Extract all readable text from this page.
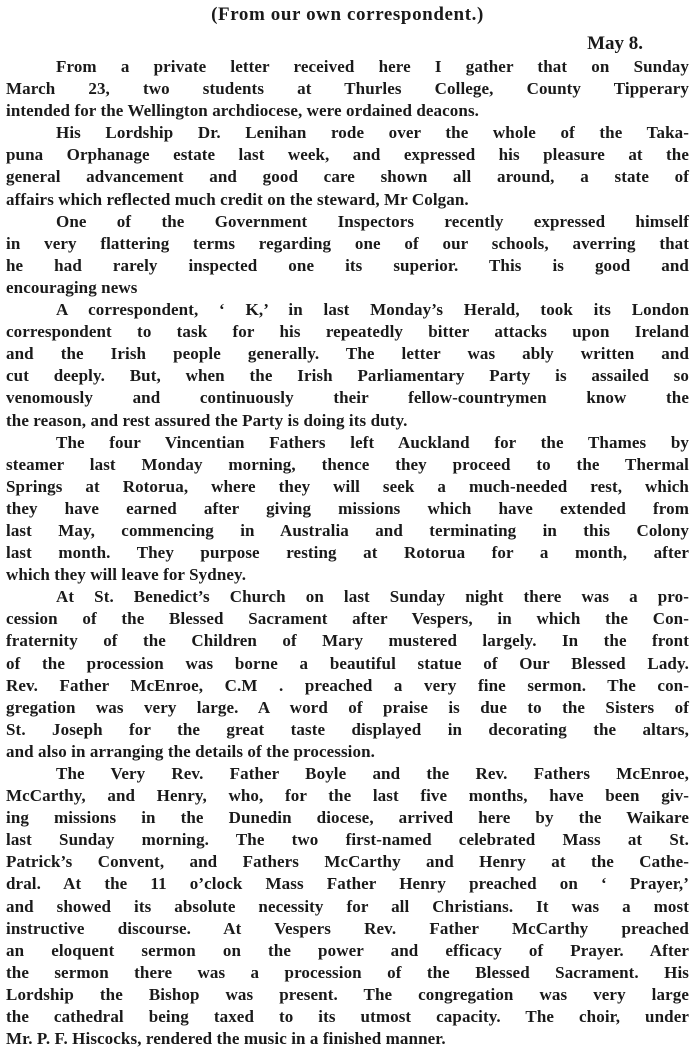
(From our own correspondent.)
May 8.
From a private letter received here I gather that on Sunday
March 23, two students at Thurles College, County Tipperary
intended for the Wellington archdiocese, were ordained deacons.
His Lordship Dr. Lenihan rode over the whole of the Taka-
puna Orphanage estate last week, and expressed his pleasure at the
general advancement and good care shown all around, a state of
affairs which reflected much credit on the steward, Mr Colgan.
One of the Government Inspectors recently expressed himself
in very flattering terms regarding one of our schools, averring that
he had rarely inspected one its superior. This is good and
encouraging news
A correspondent, ‘ K,’ in last Monday’s Herald, took its London
correspondent to task for his repeatedly bitter attacks upon Ireland
and the Irish people generally. The letter was ably written and
cut deeply. But, when the Irish Parliamentary Party is assailed so
venomously and continuously their fellow-countrymen know the
the reason, and rest assured the Party is doing its duty.
The four Vincentian Fathers left Auckland for the Thames by
steamer last Monday morning, thence they proceed to the Thermal
Springs at Rotorua, where they will seek a much-needed rest, which
they have earned after giving missions which have extended from
last May, commencing in Australia and terminating in this Colony
last month. They purpose resting at Rotorua for a month, after
which they will leave for Sydney.
At St. Benedict’s Church on last Sunday night there was a pro-
cession of the Blessed Sacrament after Vespers, in which the Con-
fraternity of the Children of Mary mustered largely. In the front
of the procession was borne a beautiful statue of Our Blessed Lady.
Rev. Father McEnroe, C.M . preached a very fine sermon. The con-
gregation was very large. A word of praise is due to the Sisters of
St. Joseph for the great taste displayed in decorating the altars,
and also in arranging the details of the procession.
The Very Rev. Father Boyle and the Rev. Fathers McEnroe,
McCarthy, and Henry, who, for the last five months, have been giv-
ing missions in the Dunedin diocese, arrived here by the Waikare
last Sunday morning. The two first-named celebrated Mass at St.
Patrick’s Convent, and Fathers McCarthy and Henry at the Cathe-
dral. At the 11 o’clock Mass Father Henry preached on ‘ Prayer,’
and showed its absolute necessity for all Christians. It was a most
instructive discourse. At Vespers Rev. Father McCarthy preached
an eloquent sermon on the power and efficacy of Prayer. After
the sermon there was a procession of the Blessed Sacrament. His
Lordship the Bishop was present. The congregation was very large
the cathedral being taxed to its utmost capacity. The choir, under
Mr. P. F. Hiscocks, rendered the music in a finished manner.
